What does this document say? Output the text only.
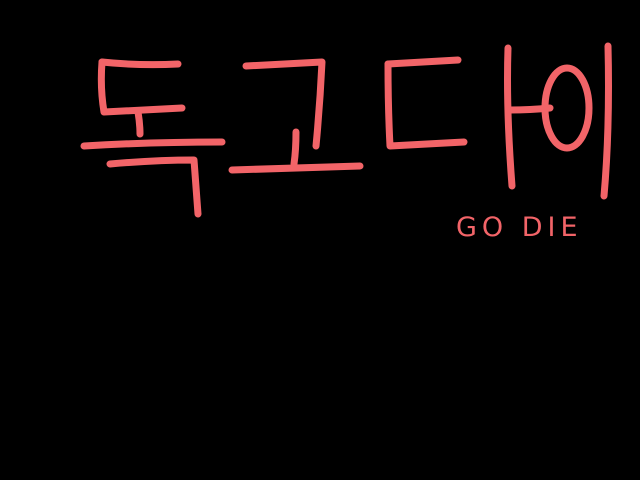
GO DIE
